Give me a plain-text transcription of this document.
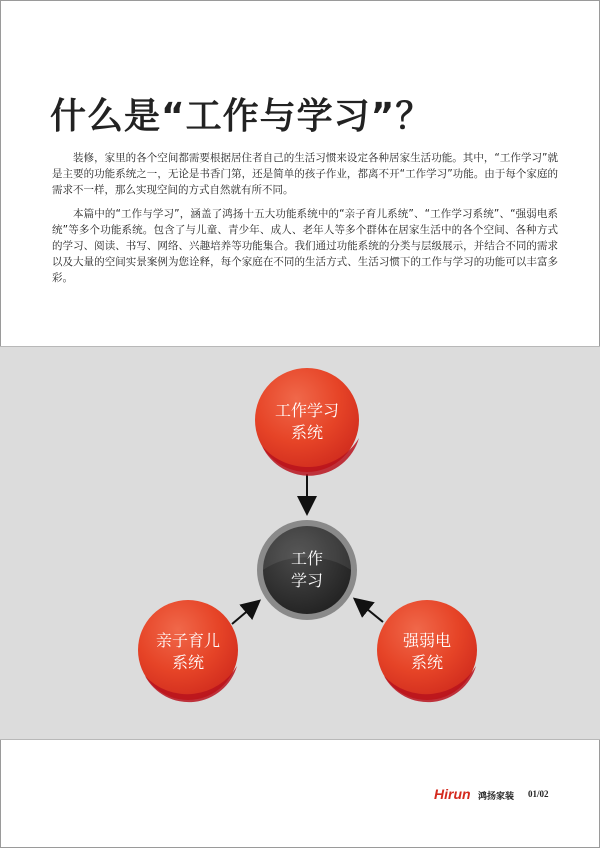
什么是“工作与学习”？

装修，家里的各个空间都需要根据居住者自己的生活习惯来设定各种居家生活功能。其中，“工作学习”就是主要的功能系统之一，无论是书香门第，还是简单的孩子作业，都离不开“工作学习”功能。由于每个家庭的需求不一样，那么实现空间的方式自然就有所不同。

本篇中的“工作与学习”，涵盖了鸿扬十五大功能系统中的“亲子育儿系统”、“工作学习系统”、“强弱电系统”等多个功能系统。包含了与儿童、青少年、成人、老年人等多个群体在居家生活中的各个空间、各种方式的学习、阅读、书写、网络、兴趣培养等功能集合。我们通过功能系统的分类与层级展示，并结合不同的需求以及大量的空间实景案例为您诠释，每个家庭在不同的生活方式、生活习惯下的工作与学习的功能可以丰富多彩。

工作学习
系统
工作
学习
亲子育儿
系统
强弱电
系统
Hirun 鸿扬家装 01/02
